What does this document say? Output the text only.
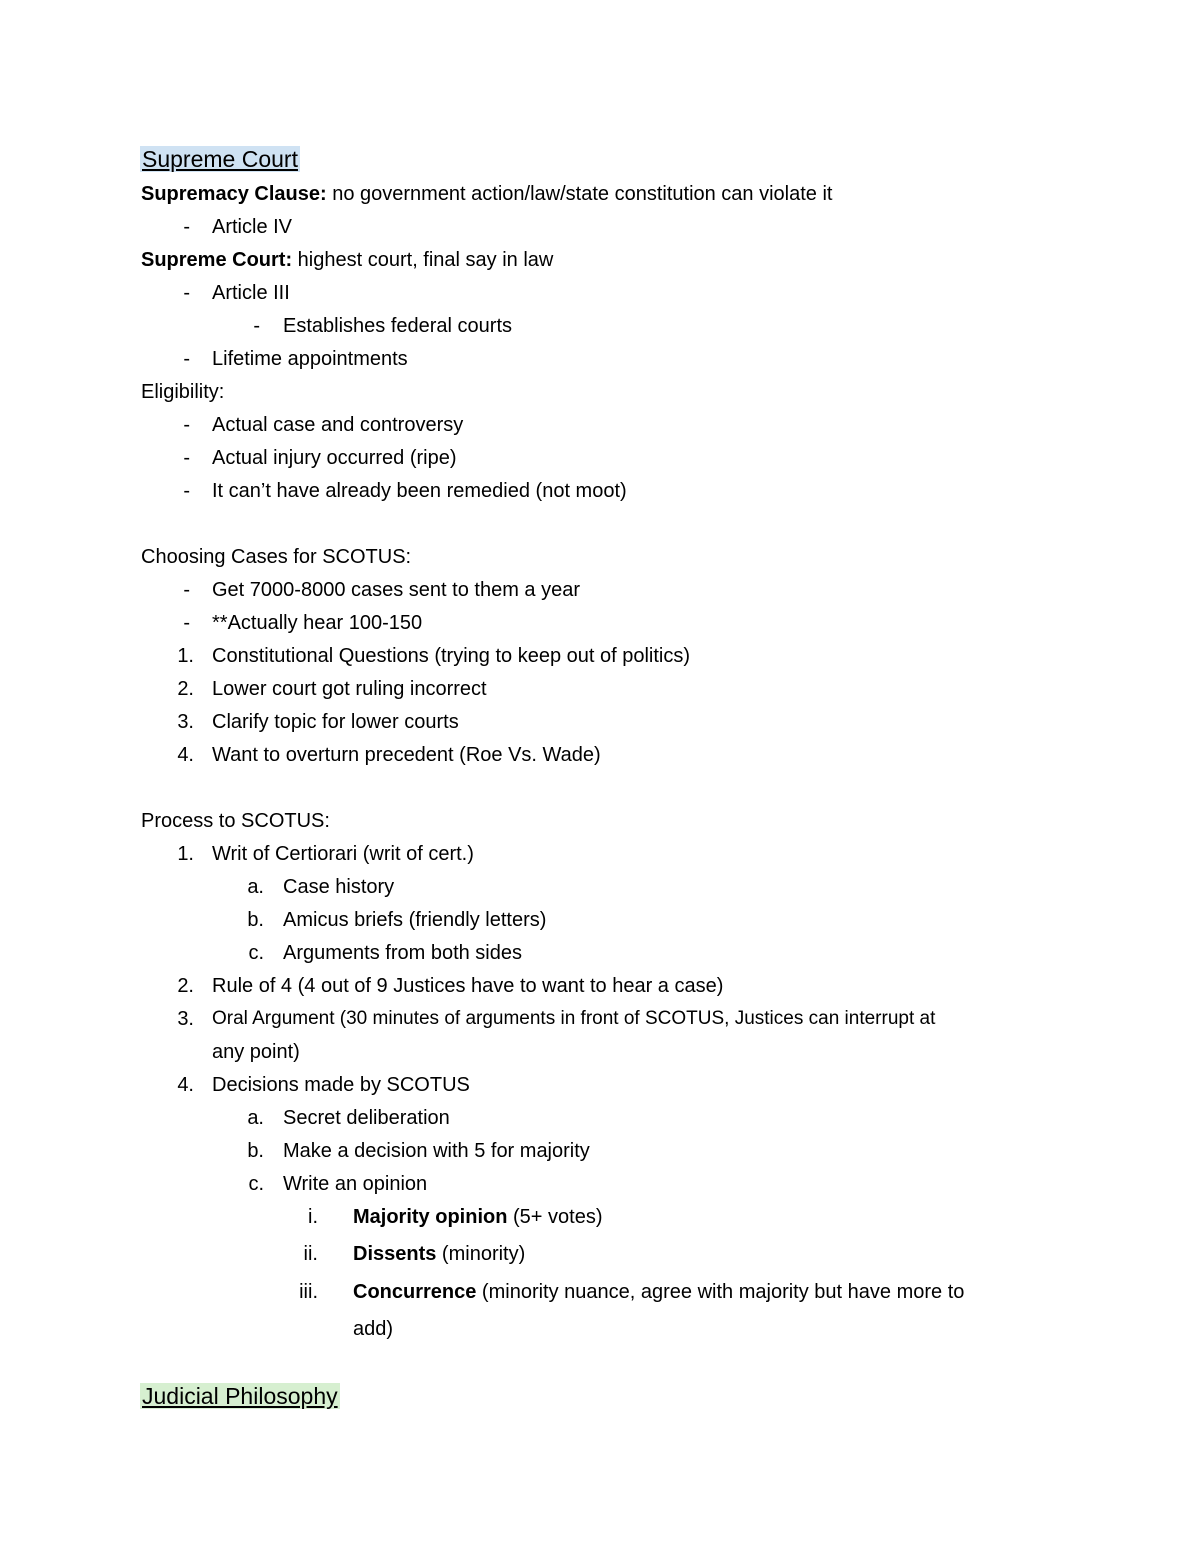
Supreme Court
Supremacy Clause: no government action/law/state constitution can violate it
- Article IV
Supreme Court: highest court, final say in law
- Article III
- Establishes federal courts
- Lifetime appointments
Eligibility:
- Actual case and controversy
- Actual injury occurred (ripe)
- It can’t have already been remedied (not moot)
Choosing Cases for SCOTUS:
- Get 7000-8000 cases sent to them a year
- **Actually hear 100-150
1. Constitutional Questions (trying to keep out of politics)
2. Lower court got ruling incorrect
3. Clarify topic for lower courts
4. Want to overturn precedent (Roe Vs. Wade)
Process to SCOTUS:
1. Writ of Certiorari (writ of cert.)
a. Case history
b. Amicus briefs (friendly letters)
c. Arguments from both sides
2. Rule of 4 (4 out of 9 Justices have to want to hear a case)
3. Oral Argument (30 minutes of arguments in front of SCOTUS, Justices can interrupt at
any point)
4. Decisions made by SCOTUS
a. Secret deliberation
b. Make a decision with 5 for majority
c. Write an opinion
i. Majority opinion (5+ votes)
ii. Dissents (minority)
iii. Concurrence (minority nuance, agree with majority but have more to
add)
Judicial Philosophy
